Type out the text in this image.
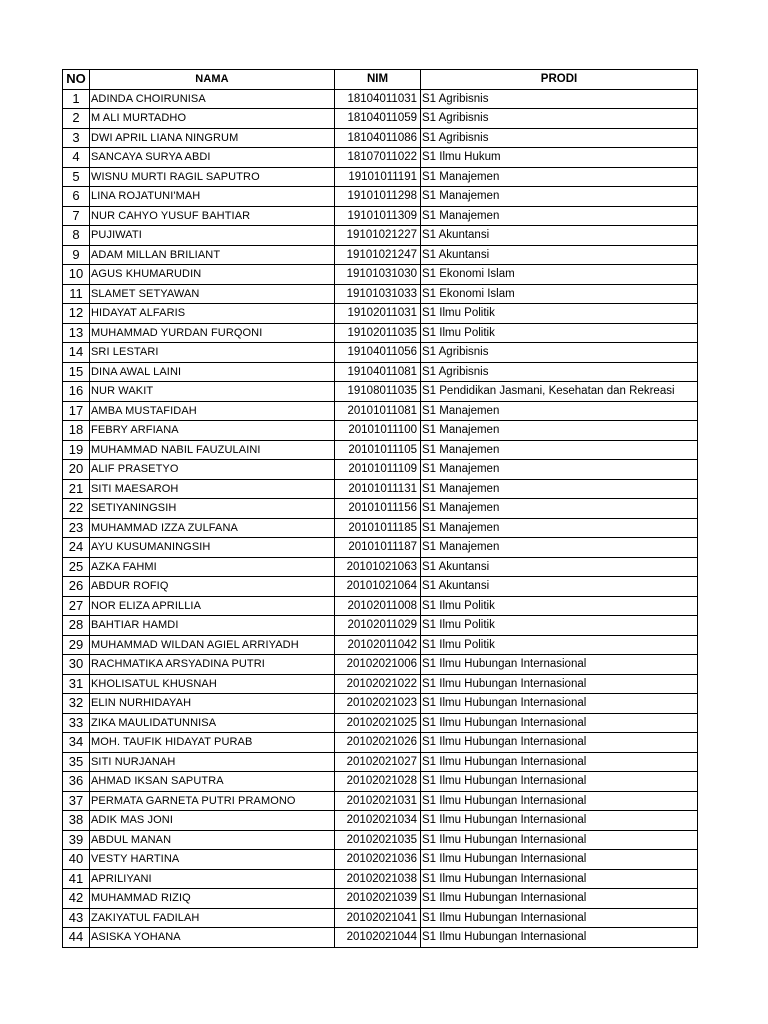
NO	NAMA	NIM	PRODI
1	ADINDA CHOIRUNISA	18104011031	S1 Agribisnis
2	M ALI MURTADHO	18104011059	S1 Agribisnis
3	DWI APRIL LIANA NINGRUM	18104011086	S1 Agribisnis
4	SANCAYA SURYA ABDI	18107011022	S1 Ilmu Hukum
5	WISNU MURTI RAGIL SAPUTRO	19101011191	S1 Manajemen
6	LINA ROJATUNI'MAH	19101011298	S1 Manajemen
7	NUR CAHYO YUSUF BAHTIAR	19101011309	S1 Manajemen
8	PUJIWATI	19101021227	S1 Akuntansi
9	ADAM MILLAN BRILIANT	19101021247	S1 Akuntansi
10	AGUS KHUMARUDIN	19101031030	S1 Ekonomi Islam
11	SLAMET SETYAWAN	19101031033	S1 Ekonomi Islam
12	HIDAYAT ALFARIS	19102011031	S1 Ilmu Politik
13	MUHAMMAD YURDAN FURQONI	19102011035	S1 Ilmu Politik
14	SRI LESTARI	19104011056	S1 Agribisnis
15	DINA AWAL LAINI	19104011081	S1 Agribisnis
16	NUR WAKIT	19108011035	S1 Pendidikan Jasmani, Kesehatan dan Rekreasi
17	AMBA MUSTAFIDAH	20101011081	S1 Manajemen
18	FEBRY ARFIANA	20101011100	S1 Manajemen
19	MUHAMMAD NABIL FAUZULAINI	20101011105	S1 Manajemen
20	ALIF PRASETYO	20101011109	S1 Manajemen
21	SITI MAESAROH	20101011131	S1 Manajemen
22	SETIYANINGSIH	20101011156	S1 Manajemen
23	MUHAMMAD IZZA ZULFANA	20101011185	S1 Manajemen
24	AYU KUSUMANINGSIH	20101011187	S1 Manajemen
25	AZKA FAHMI	20101021063	S1 Akuntansi
26	ABDUR ROFIQ	20101021064	S1 Akuntansi
27	NOR ELIZA APRILLIA	20102011008	S1 Ilmu Politik
28	BAHTIAR HAMDI	20102011029	S1 Ilmu Politik
29	MUHAMMAD WILDAN AGIEL ARRIYADH	20102011042	S1 Ilmu Politik
30	RACHMATIKA ARSYADINA PUTRI	20102021006	S1 Ilmu Hubungan Internasional
31	KHOLISATUL KHUSNAH	20102021022	S1 Ilmu Hubungan Internasional
32	ELIN NURHIDAYAH	20102021023	S1 Ilmu Hubungan Internasional
33	ZIKA MAULIDATUNNISA	20102021025	S1 Ilmu Hubungan Internasional
34	MOH. TAUFIK HIDAYAT PURAB	20102021026	S1 Ilmu Hubungan Internasional
35	SITI NURJANAH	20102021027	S1 Ilmu Hubungan Internasional
36	AHMAD IKSAN SAPUTRA	20102021028	S1 Ilmu Hubungan Internasional
37	PERMATA GARNETA PUTRI PRAMONO	20102021031	S1 Ilmu Hubungan Internasional
38	ADIK MAS JONI	20102021034	S1 Ilmu Hubungan Internasional
39	ABDUL MANAN	20102021035	S1 Ilmu Hubungan Internasional
40	VESTY HARTINA	20102021036	S1 Ilmu Hubungan Internasional
41	APRILIYANI	20102021038	S1 Ilmu Hubungan Internasional
42	MUHAMMAD RIZIQ	20102021039	S1 Ilmu Hubungan Internasional
43	ZAKIYATUL FADILAH	20102021041	S1 Ilmu Hubungan Internasional
44	ASISKA YOHANA	20102021044	S1 Ilmu Hubungan Internasional
